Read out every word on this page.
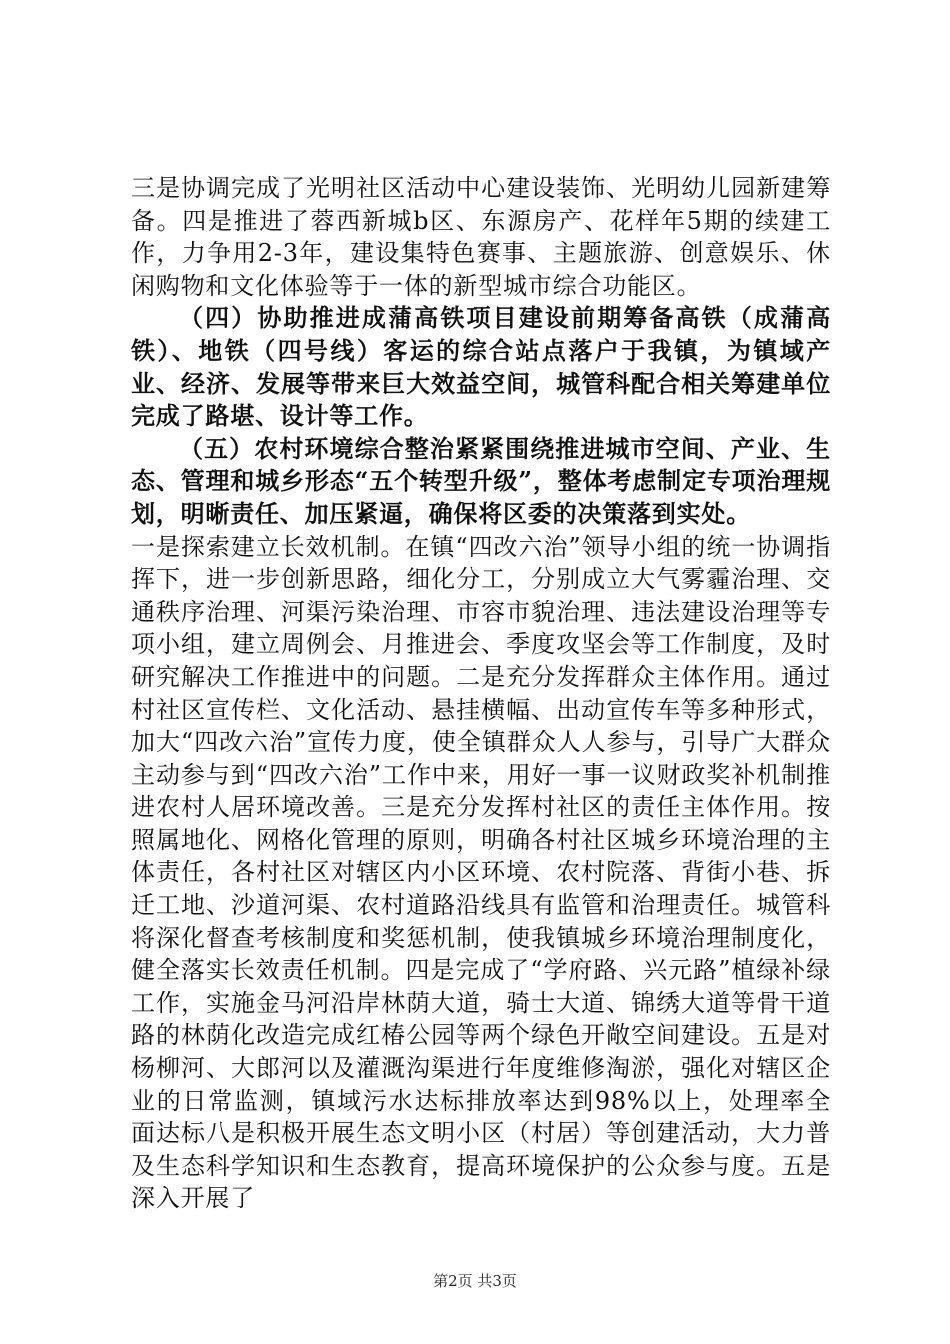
三是协调完成了光明社区活动中心建设装饰、光明幼儿园新建筹备。四是推进了蓉西新城b区、东源房产、花样年5期的续建工作，力争用2-3年，建设集特色赛事、主题旅游、创意娱乐、休闲购物和文化体验等于一体的新型城市综合功能区。

（四）协助推进成蒲高铁项目建设前期筹备高铁（成蒲高铁）、地铁（四号线）客运的综合站点落户于我镇，为镇域产业、经济、发展等带来巨大效益空间，城管科配合相关筹建单位完成了路堪、设计等工作。

（五）农村环境综合整治紧紧围绕推进城市空间、产业、生态、管理和城乡形态“五个转型升级”，整体考虑制定专项治理规划，明晰责任、加压紧逼，确保将区委的决策落到实处。

一是探索建立长效机制。在镇“四改六治”领导小组的统一协调指挥下，进一步创新思路，细化分工，分别成立大气雾霾治理、交通秩序治理、河渠污染治理、市容市貌治理、违法建设治理等专项小组，建立周例会、月推进会、季度攻坚会等工作制度，及时研究解决工作推进中的问题。二是充分发挥群众主体作用。通过村社区宣传栏、文化活动、悬挂横幅、出动宣传车等多种形式，加大“四改六治”宣传力度，使全镇群众人人参与，引导广大群众主动参与到“四改六治”工作中来，用好一事一议财政奖补机制推进农村人居环境改善。三是充分发挥村社区的责任主体作用。按照属地化、网格化管理的原则，明确各村社区城乡环境治理的主体责任，各村社区对辖区内小区环境、农村院落、背街小巷、拆迁工地、沙道河渠、农村道路沿线具有监管和治理责任。城管科将深化督查考核制度和奖惩机制，使我镇城乡环境治理制度化，健全落实长效责任机制。四是完成了“学府路、兴元路”植绿补绿工作，实施金马河沿岸林荫大道，骑士大道、锦绣大道等骨干道路的林荫化改造完成红椿公园等两个绿色开敞空间建设。五是对杨柳河、大郎河以及灌溉沟渠进行年度维修淘淤，强化对辖区企业的日常监测，镇域污水达标排放率达到98%以上，处理率全面达标八是积极开展生态文明小区（村居）等创建活动，大力普及生态科学知识和生态教育，提高环境保护的公众参与度。五是深入开展了

第2页 共3页
